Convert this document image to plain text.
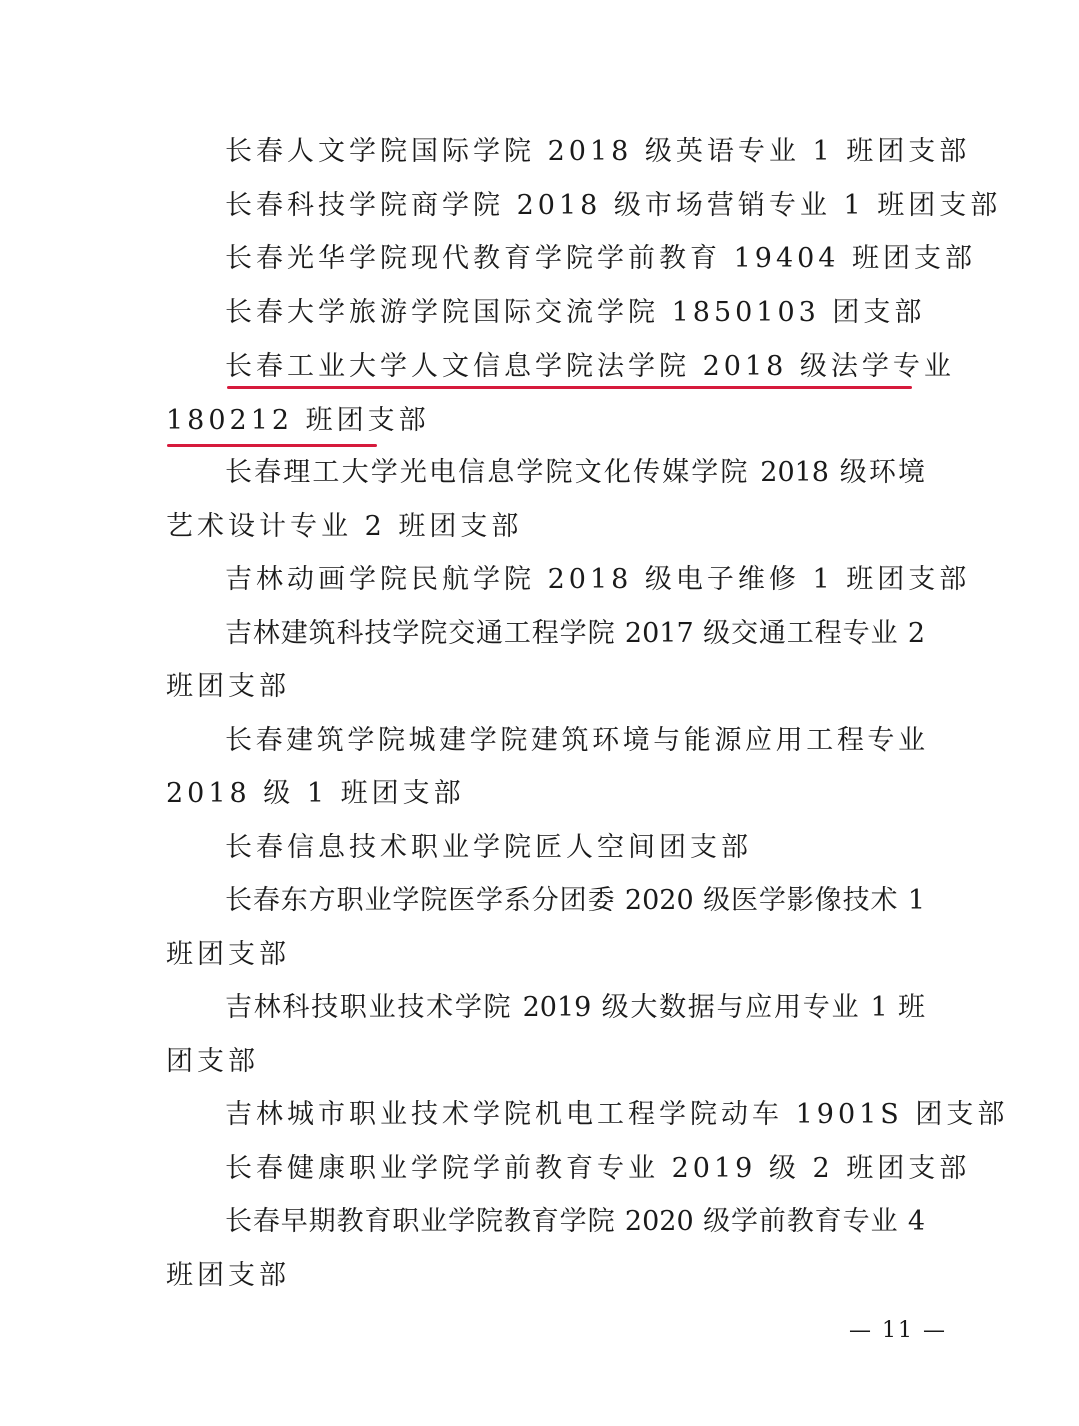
长春人文学院国际学院 2018 级英语专业 1 班团支部
长春科技学院商学院 2018 级市场营销专业 1 班团支部
长春光华学院现代教育学院学前教育 19404 班团支部
长春大学旅游学院国际交流学院 1850103 团支部
长春工业大学人文信息学院法学院 2018 级法学专业
180212 班团支部
长春理工大学光电信息学院文化传媒学院 2018 级环境
艺术设计专业 2 班团支部
吉林动画学院民航学院 2018 级电子维修 1 班团支部
吉林建筑科技学院交通工程学院 2017 级交通工程专业 2
班团支部
长春建筑学院城建学院建筑环境与能源应用工程专业
2018 级 1 班团支部
长春信息技术职业学院匠人空间团支部
长春东方职业学院医学系分团委 2020 级医学影像技术 1
班团支部
吉林科技职业技术学院 2019 级大数据与应用专业 1 班
团支部
吉林城市职业技术学院机电工程学院动车 1901S 团支部
长春健康职业学院学前教育专业 2019 级 2 班团支部
长春早期教育职业学院教育学院 2020 级学前教育专业 4
班团支部
— 11 —
